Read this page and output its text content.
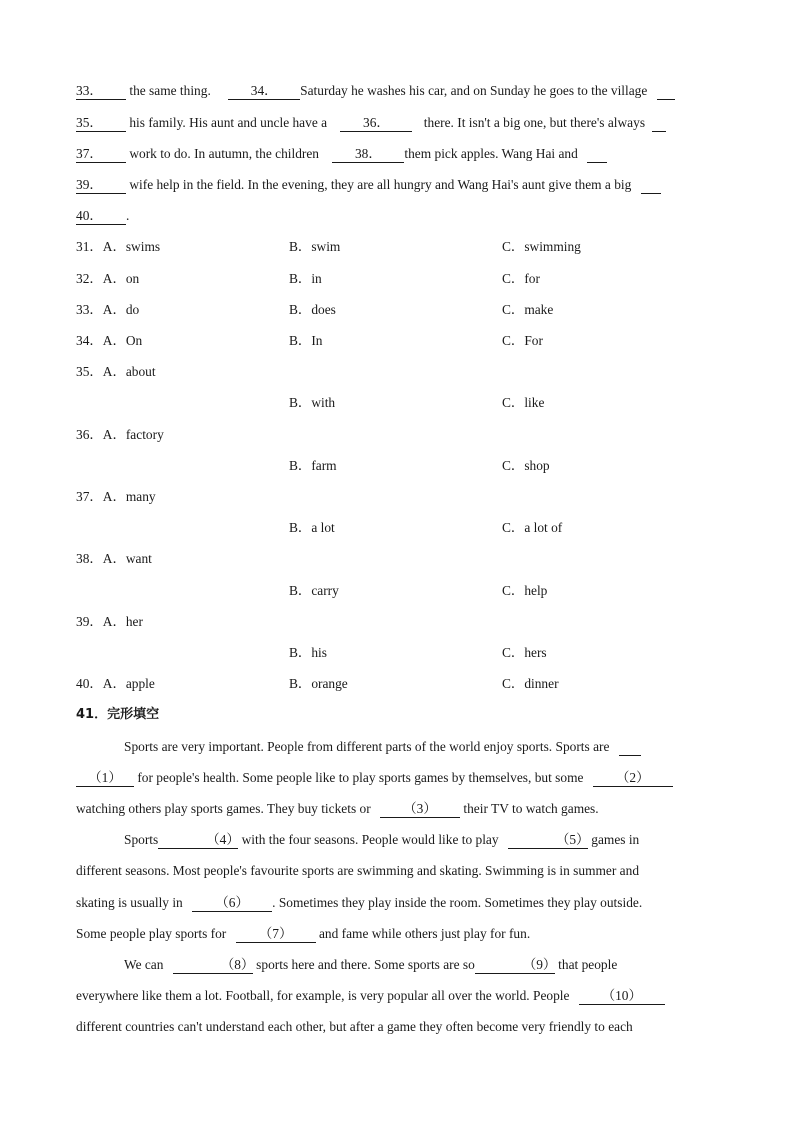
33． the same thing.	34． Saturday he washes his car, and on Sunday he goes to the village
35． his family. His aunt and uncle have a	36．	there. It isn't a big one, but there's always
37． work to do. In autumn, the children	38． them pick apples. Wang Hai and
39． wife help in the field. In the evening, they are all hungry and Wang Hai's aunt give them a big
40． .
31．A．swims	B．swim	C．swimming
32．A．on	B．in	C．for
33．A．do	B．does	C．make
34．A．On	B．In	C．For
35．A．about
B．with	C．like
36．A．factory
B．farm	C．shop
37．A．many
B．a lot	C．a lot of
38．A．want
B．carry	C．help
39．A．her
B．his	C．hers
40．A．apple	B．orange	C．dinner
41．完形填空
Sports are very important. People from different parts of the world enjoy sports. Sports are
（1） for people's health. Some people like to play sports games by themselves, but some （2）
watching others play sports games. They buy tickets or （3） their TV to watch games.
Sports	（4） with the four seasons. People would like to play	（5） games in
different seasons. Most people's favourite sports are swimming and skating. Swimming is in summer and
skating is usually in （6） . Sometimes they play inside the room. Sometimes they play outside.
Some people play sports for （7） and fame while others just play for fun.
We can	（8） sports here and there. Some sports are so	（9） that people
everywhere like them a lot. Football, for example, is very popular all over the world. People （10）
different countries can't understand each other, but after a game they often become very friendly to each
